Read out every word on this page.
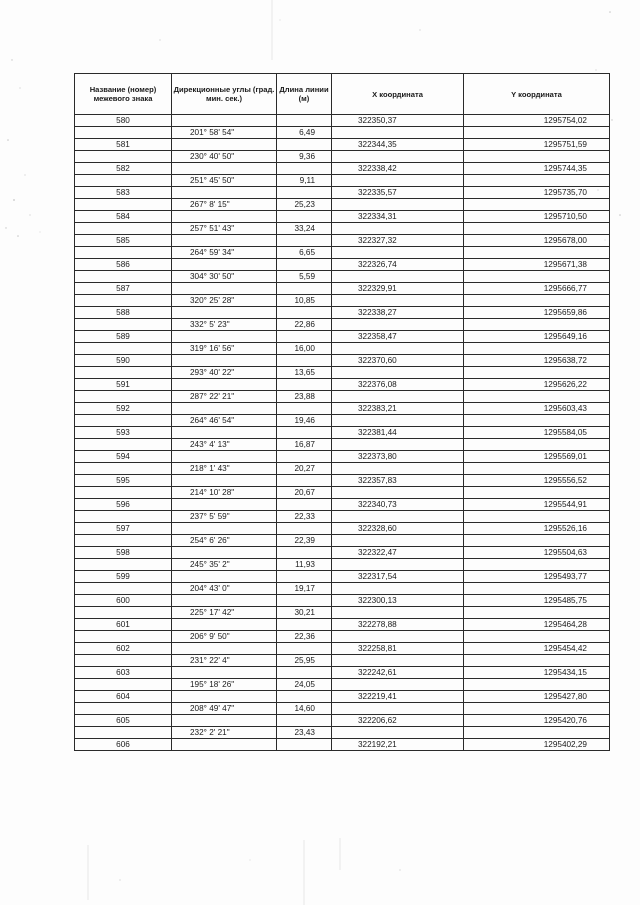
Название (номер) межевого знака	Дирекционные углы (град. мин. сек.)	Длина линии (м)	X координата	Y координата
580			322350,37	1295754,02
	201° 58' 54"	6,49		
581			322344,35	1295751,59
	230° 40' 50"	9,36		
582			322338,42	1295744,35
	251° 45' 50"	9,11		
583			322335,57	1295735,70
	267° 8' 15"	25,23		
584			322334,31	1295710,50
	257° 51' 43"	33,24		
585			322327,32	1295678,00
	264° 59' 34"	6,65		
586			322326,74	1295671,38
	304° 30' 50"	5,59		
587			322329,91	1295666,77
	320° 25' 28"	10,85		
588			322338,27	1295659,86
	332° 5' 23"	22,86		
589			322358,47	1295649,16
	319° 16' 56"	16,00		
590			322370,60	1295638,72
	293° 40' 22"	13,65		
591			322376,08	1295626,22
	287° 22' 21"	23,88		
592			322383,21	1295603,43
	264° 46' 54"	19,46		
593			322381,44	1295584,05
	243° 4' 13"	16,87		
594			322373,80	1295569,01
	218° 1' 43"	20,27		
595			322357,83	1295556,52
	214° 10' 28"	20,67		
596			322340,73	1295544,91
	237° 5' 59"	22,33		
597			322328,60	1295526,16
	254° 6' 26"	22,39		
598			322322,47	1295504,63
	245° 35' 2"	11,93		
599			322317,54	1295493,77
	204° 43' 0"	19,17		
600			322300,13	1295485,75
	225° 17' 42"	30,21		
601			322278,88	1295464,28
	206° 9' 50"	22,36		
602			322258,81	1295454,42
	231° 22' 4"	25,95		
603			322242,61	1295434,15
	195° 18' 26"	24,05		
604			322219,41	1295427,80
	208° 49' 47"	14,60		
605			322206,62	1295420,76
	232° 2' 21"	23,43		
606			322192,21	1295402,29
